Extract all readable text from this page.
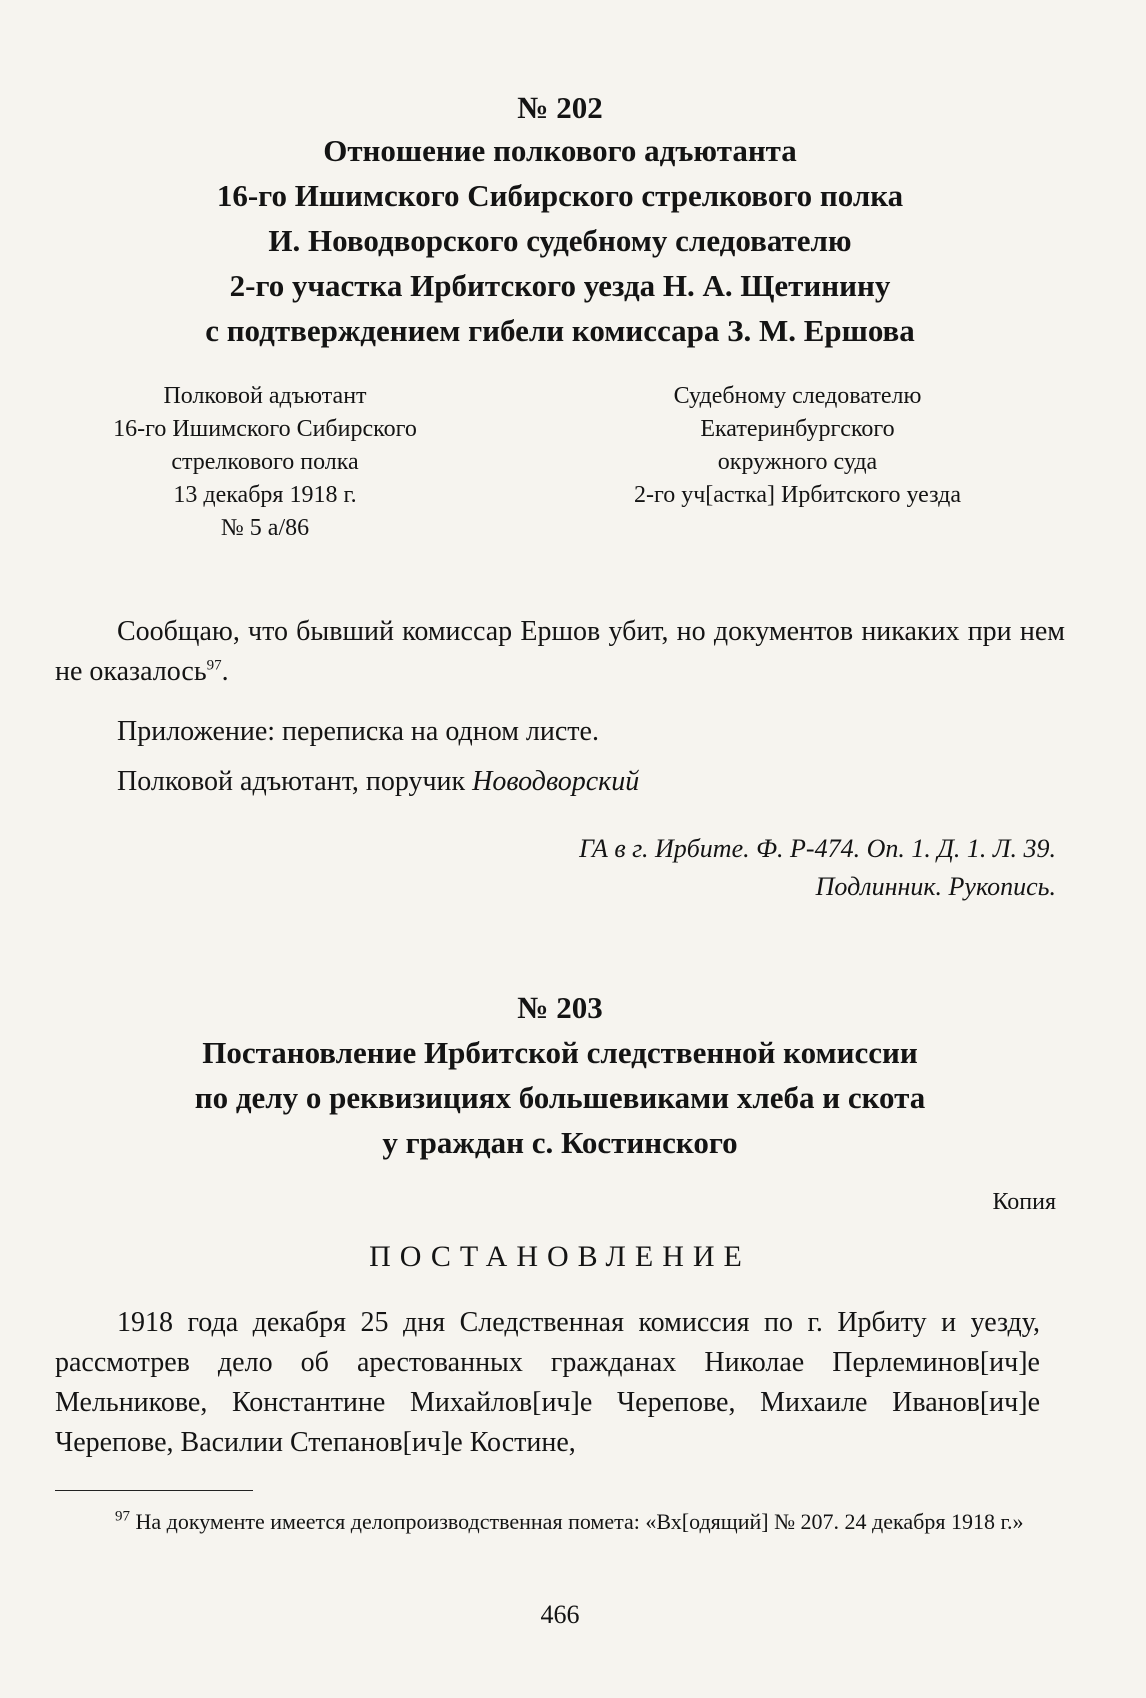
№ 202
Отношение полкового адъютанта
16-го Ишимского Сибирского стрелкового полка
И. Новодворского судебному следователю
2-го участка Ирбитского уезда Н. А. Щетинину
с подтверждением гибели комиссара З. М. Ершова
Полковой адъютант
16-го Ишимского Сибирского
стрелкового полка
13 декабря 1918 г.
№ 5 а/86
Судебному следователю
Екатеринбургского
окружного суда
2-го уч[астка] Ирбитского уезда
Сообщаю, что бывший комиссар Ершов убит, но документов никаких при нем не оказалось$^{97}$.
Приложение: переписка на одном листе.
Полковой адъютант, поручик Новодворский
ГА в г. Ирбите. Ф. Р-474. Оп. 1. Д. 1. Л. 39.
Подлинник. Рукопись.
№ 203
Постановление Ирбитской следственной комиссии
по делу о реквизициях большевиками хлеба и скота
у граждан с. Костинского
Копия
ПОСТАНОВЛЕНИЕ
1918 года декабря 25 дня Следственная комиссия по г. Ирбиту и уезду, рассмотрев дело об арестованных гражданах Николае Перлеминов[ич]е Мельникове, Константине Михайлов[ич]е Черепове, Михаиле Иванов[ич]е Черепове, Василии Степанов[ич]е Костине,
$^{97}$ На документе имеется делопроизводственная помета: «Вх[одящий] № 207. 24 декабря 1918 г.»
466
